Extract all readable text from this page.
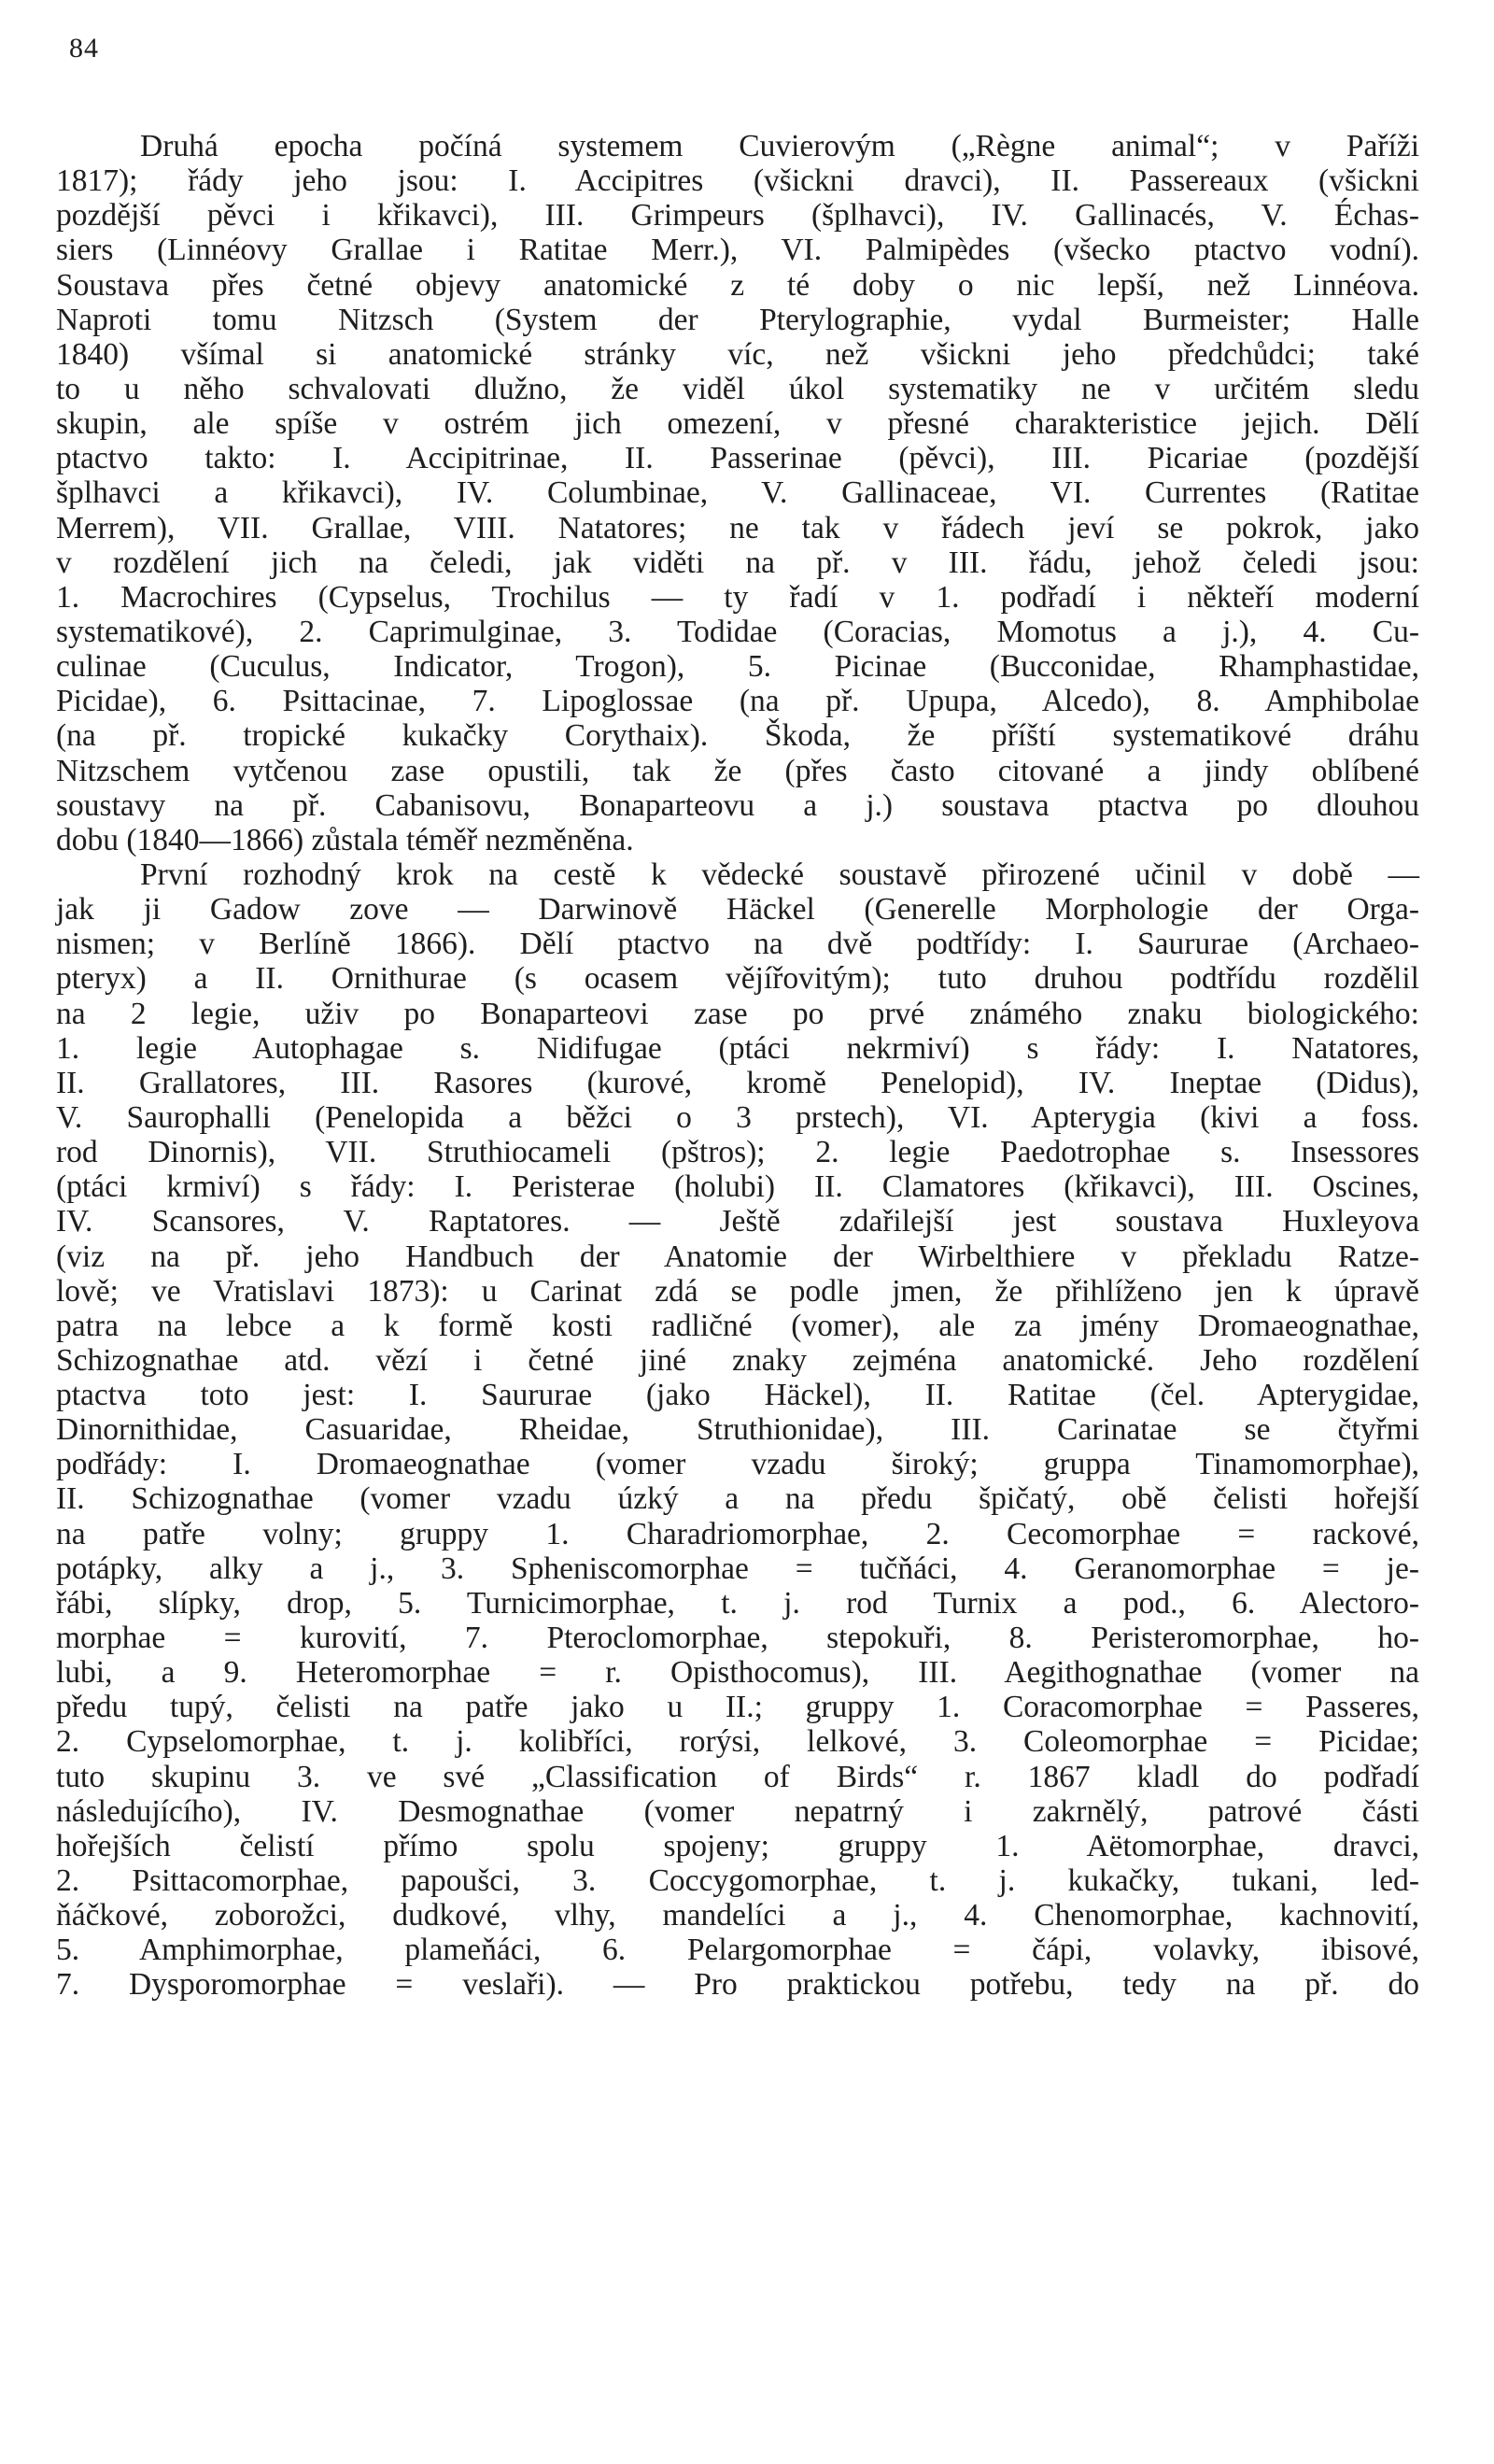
84
Druhá epocha počíná systemem Cuvierovým („Règne animal“; v Paříži
1817); řády jeho jsou: I. Accipitres (všickni dravci), II. Passereaux (všickni
pozdější pěvci i křikavci), III. Grimpeurs (šplhavci), IV. Gallinacés, V. Échas-
siers (Linnéovy Grallae i Ratitae Merr.), VI. Palmipèdes (všecko ptactvo vodní).
Soustava přes četné objevy anatomické z té doby o nic lepší, než Linnéova.
Naproti tomu Nitzsch (System der Pterylographie, vydal Burmeister; Halle
1840) všímal si anatomické stránky víc, než všickni jeho předchůdci; také
to u něho schvalovati dlužno, že viděl úkol systematiky ne v určitém sledu
skupin, ale spíše v ostrém jich omezení, v přesné charakteristice jejich. Dělí
ptactvo takto: I. Accipitrinae, II. Passerinae (pěvci), III. Picariae (pozdější
šplhavci a křikavci), IV. Columbinae, V. Gallinaceae, VI. Currentes (Ratitae
Merrem), VII. Grallae, VIII. Natatores; ne tak v řádech jeví se pokrok, jako
v rozdělení jich na čeledi, jak viděti na př. v III. řádu, jehož čeledi jsou:
1. Macrochires (Cypselus, Trochilus — ty řadí v 1. podřadí i někteří moderní
systematikové), 2. Caprimulginae, 3. Todidae (Coracias, Momotus a j.), 4. Cu-
culinae (Cuculus, Indicator, Trogon), 5. Picinae (Bucconidae, Rhamphastidae,
Picidae), 6. Psittacinae, 7. Lipoglossae (na př. Upupa, Alcedo), 8. Amphibolae
(na př. tropické kukačky Corythaix). Škoda, že příští systematikové dráhu
Nitzschem vytčenou zase opustili, tak že (přes často citované a jindy oblíbené
soustavy na př. Cabanisovu, Bonaparteovu a j.) soustava ptactva po dlouhou
dobu (1840—1866) zůstala téměř nezměněna.
První rozhodný krok na cestě k vědecké soustavě přirozené učinil v době —
jak ji Gadow zove — Darwinově Häckel (Generelle Morphologie der Orga-
nismen; v Berlíně 1866). Dělí ptactvo na dvě podtřídy: I. Saururae (Archaeo-
pteryx) a II. Ornithurae (s ocasem vějířovitým); tuto druhou podtřídu rozdělil
na 2 legie, uživ po Bonaparteovi zase po prvé známého znaku biologického:
1. legie Autophagae s. Nidifugae (ptáci nekrmiví) s řády: I. Natatores,
II. Grallatores, III. Rasores (kurové, kromě Penelopid), IV. Ineptae (Didus),
V. Saurophalli (Penelopida a běžci o 3 prstech), VI. Apterygia (kivi a foss.
rod Dinornis), VII. Struthiocameli (pštros); 2. legie Paedotrophae s. Insessores
(ptáci krmiví) s řády: I. Peristerae (holubi) II. Clamatores (křikavci), III. Oscines,
IV. Scansores, V. Raptatores. — Ještě zdařilejší jest soustava Huxleyova
(viz na př. jeho Handbuch der Anatomie der Wirbelthiere v překladu Ratze-
lově; ve Vratislavi 1873): u Carinat zdá se podle jmen, že přihlíženo jen k úpravě
patra na lebce a k formě kosti radličné (vomer), ale za jmény Dromaeognathae,
Schizognathae atd. vězí i četné jiné znaky zejména anatomické. Jeho rozdělení
ptactva toto jest: I. Saururae (jako Häckel), II. Ratitae (čel. Apterygidae,
Dinornithidae, Casuaridae, Rheidae, Struthionidae), III. Carinatae se čtyřmi
podřády: I. Dromaeognathae (vomer vzadu široký; gruppa Tinamomorphae),
II. Schizognathae (vomer vzadu úzký a na předu špičatý, obě čelisti hořejší
na patře volny; gruppy 1. Charadriomorphae, 2. Cecomorphae = rackové,
potápky, alky a j., 3. Spheniscomorphae = tučňáci, 4. Geranomorphae = je-
řábi, slípky, drop, 5. Turnicimorphae, t. j. rod Turnix a pod., 6. Alectoro-
morphae = kurovití, 7. Pteroclomorphae, stepokuři, 8. Peristeromorphae, ho-
lubi, a 9. Heteromorphae = r. Opisthocomus), III. Aegithognathae (vomer na
předu tupý, čelisti na patře jako u II.; gruppy 1. Coracomorphae = Passeres,
2. Cypselomorphae, t. j. kolibříci, rorýsi, lelkové, 3. Coleomorphae = Picidae;
tuto skupinu 3. ve své „Classification of Birds“ r. 1867 kladl do podřadí
následujícího), IV. Desmognathae (vomer nepatrný i zakrnělý, patrové části
hořejších čelistí přímo spolu spojeny; gruppy 1. Aëtomorphae, dravci,
2. Psittacomorphae, papoušci, 3. Coccygomorphae, t. j. kukačky, tukani, led-
ňáčkové, zoborožci, dudkové, vlhy, mandelíci a j., 4. Chenomorphae, kachnovití,
5. Amphimorphae, plameňáci, 6. Pelargomorphae = čápi, volavky, ibisové,
7. Dysporomorphae = veslaři). — Pro praktickou potřebu, tedy na př. do
